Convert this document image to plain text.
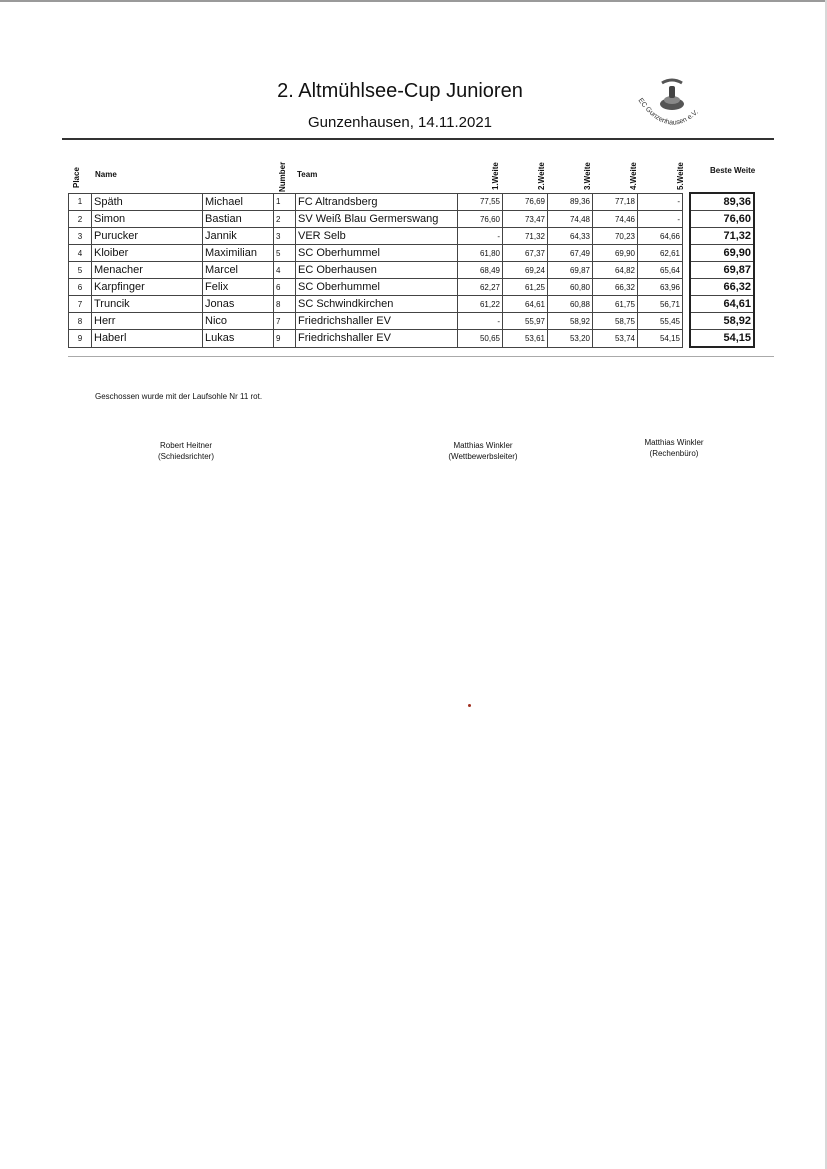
2. Altmühlsee-Cup Junioren
Gunzenhausen, 14.11.2021
EC Gunzenhausen e.V.
Place Name	Number Team	1.Weite	2.Weite	3.Weite	4.Weite	5.Weite	Beste Weite
1	Späth	Michael	1	FC Altrandsberg	77,55	76,69	89,36	77,18	-		89,36
2	Simon	Bastian	2	SV Weiß Blau Germerswang	76,60	73,47	74,48	74,46	-		76,60
3	Purucker	Jannik	3	VER Selb	-	71,32	64,33	70,23	64,66		71,32
4	Kloiber	Maximilian	5	SC Oberhummel	61,80	67,37	67,49	69,90	62,61		69,90
5	Menacher	Marcel	4	EC Oberhausen	68,49	69,24	69,87	64,82	65,64		69,87
6	Karpfinger	Felix	6	SC Oberhummel	62,27	61,25	60,80	66,32	63,96		66,32
7	Truncik	Jonas	8	SC Schwindkirchen	61,22	64,61	60,88	61,75	56,71		64,61
8	Herr	Nico	7	Friedrichshaller EV	-	55,97	58,92	58,75	55,45		58,92
9	Haberl	Lukas	9	Friedrichshaller EV	50,65	53,61	53,20	53,74	54,15		54,15
Geschossen wurde mit der Laufsohle Nr 11 rot.
Robert Heitner
(Schiedsrichter)
Matthias Winkler
(Wettbewerbsleiter)
Matthias Winkler
(Rechenbüro)
